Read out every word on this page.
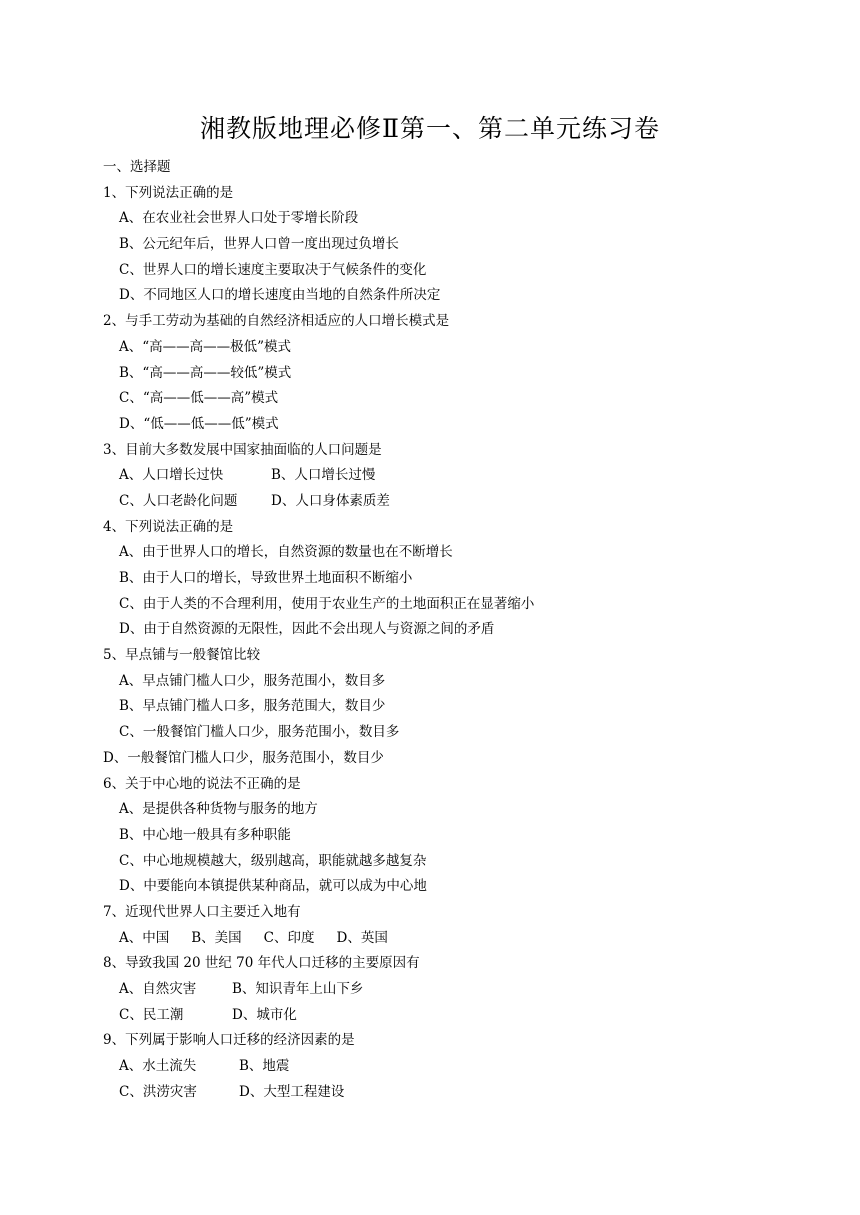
湘教版地理必修Ⅱ第一、第二单元练习卷
一、选择题
1、下列说法正确的是
A、在农业社会世界人口处于零增长阶段
B、公元纪年后，世界人口曾一度出现过负增长
C、世界人口的增长速度主要取决于气候条件的变化
D、不同地区人口的增长速度由当地的自然条件所决定
2、与手工劳动为基础的自然经济相适应的人口增长模式是
A、“高——高——极低”模式
B、“高——高——较低”模式
C、“高——低——高”模式
D、“低——低——低”模式
3、目前大多数发展中国家抽面临的人口问题是
A、人口增长过快	B、人口增长过慢
C、人口老龄化问题 D、人口身体素质差
4、下列说法正确的是
A、由于世界人口的增长，自然资源的数量也在不断增长
B、由于人口的增长，导致世界土地面积不断缩小
C、由于人类的不合理利用，使用于农业生产的土地面积正在显著缩小
D、由于自然资源的无限性，因此不会出现人与资源之间的矛盾
5、早点铺与一般餐馆比较
A、早点铺门槛人口少，服务范围小，数目多
B、早点铺门槛人口多，服务范围大，数目少
C、一般餐馆门槛人口少，服务范围小，数目多
D、一般餐馆门槛人口少，服务范围小，数目少
6、关于中心地的说法不正确的是
A、是提供各种货物与服务的地方
B、中心地一般具有多种职能
C、中心地规模越大，级别越高，职能就越多越复杂
D、中要能向本镇提供某种商品，就可以成为中心地
7、近现代世界人口主要迁入地有
A、中国 B、美国 C、印度 D、英国
8、导致我国 20 世纪 70 年代人口迁移的主要原因有
A、自然灾害	B、知识青年上山下乡
C、民工潮	D、城市化
9、下列属于影响人口迁移的经济因素的是
A、水土流失	B、地震
C、洪涝灾害	D、大型工程建设
